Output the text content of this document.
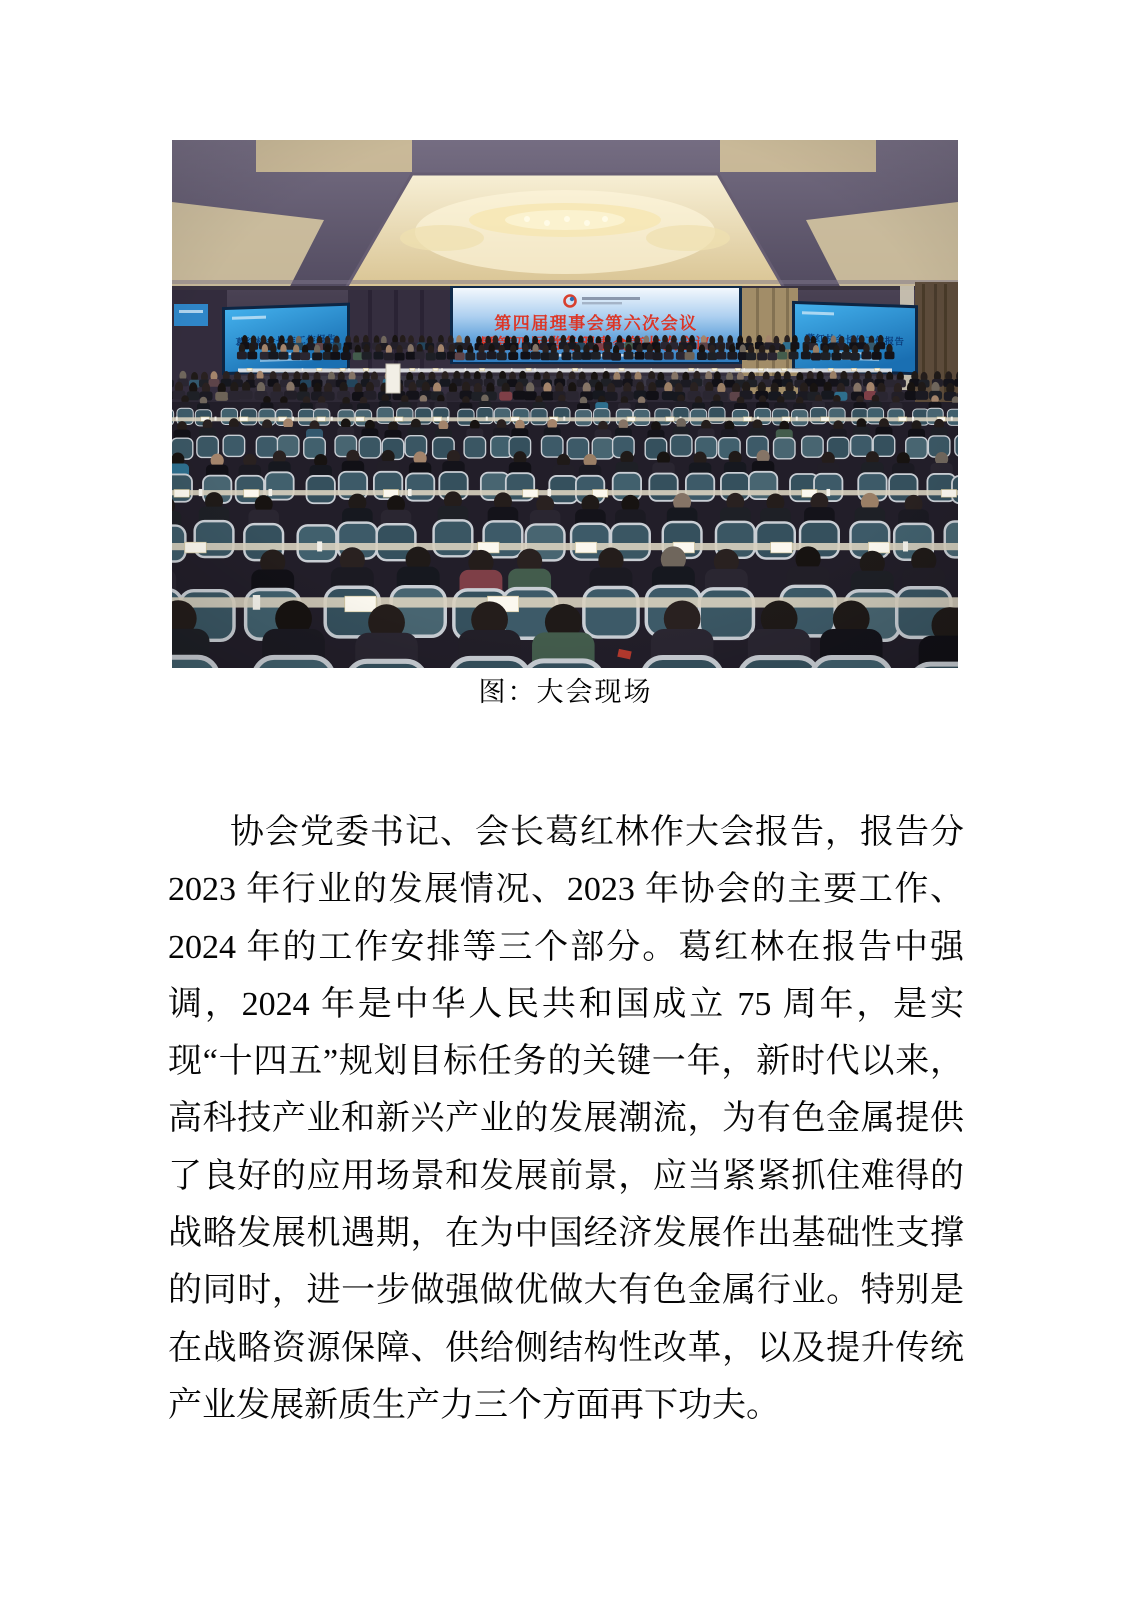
图：大会现场

协会党委书记、会长葛红林作大会报告，报告分 2023 年行业的发展情况、2023 年协会的主要工作、2024 年的工作安排等三个部分。葛红林在报告中强调，2024 年是中华人民共和国成立 75 周年，是实现“十四五”规划目标任务的关键一年，新时代以来，高科技产业和新兴产业的发展潮流，为有色金属提供了良好的应用场景和发展前景，应当紧紧抓住难得的战略发展机遇期，在为中国经济发展作出基础性支撑的同时，进一步做强做优做大有色金属行业。特别是在战略资源保障、供给侧结构性改革，以及提升传统产业发展新质生产力三个方面再下功夫。
